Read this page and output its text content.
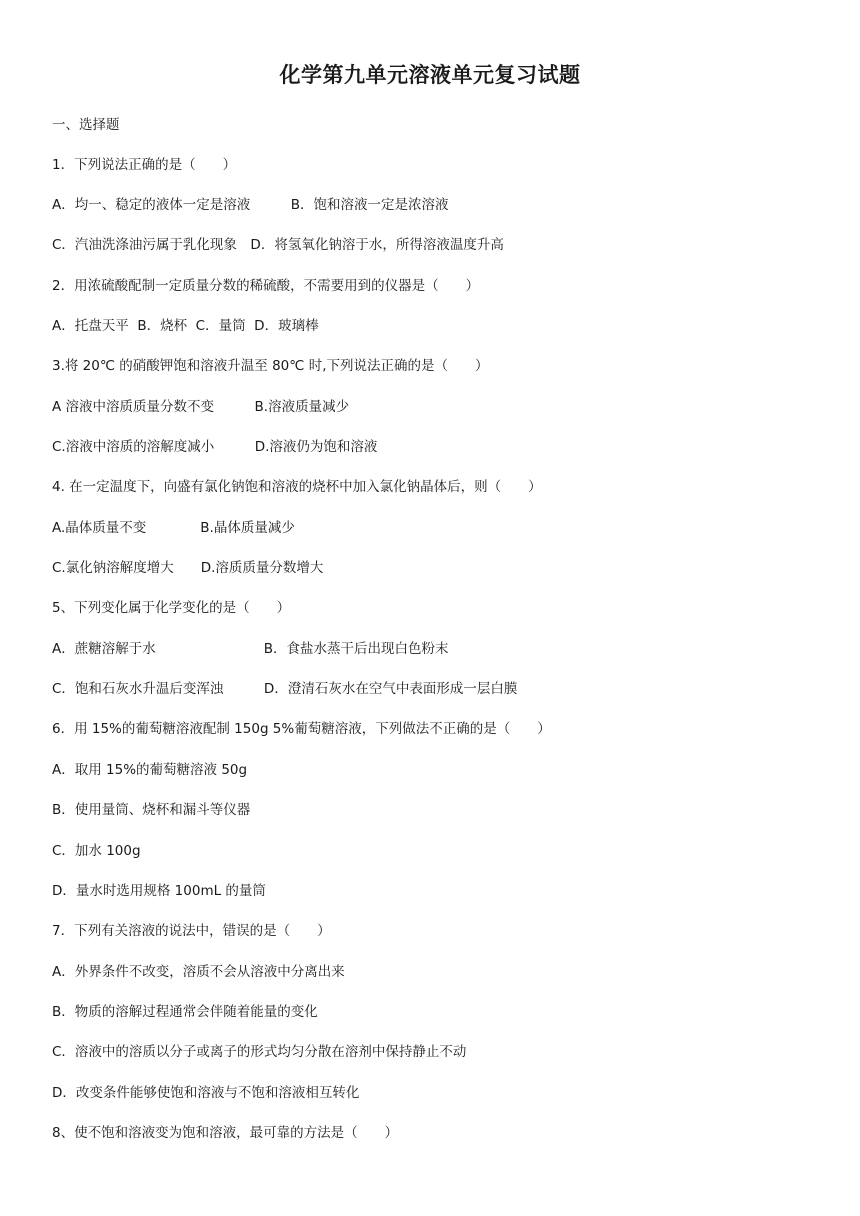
化学第九单元溶液单元复习试题
一、选择题
1．下列说法正确的是（　　）
A．均一、稳定的液体一定是溶液　　　B．饱和溶液一定是浓溶液
C．汽油洗涤油污属于乳化现象　D．将氢氧化钠溶于水，所得溶液温度升高
2．用浓硫酸配制一定质量分数的稀硫酸，不需要用到的仪器是（　　）
A．托盘天平  B．烧杯  C．量筒  D．玻璃棒
3.将 20℃ 的硝酸钾饱和溶液升温至 80℃ 时,下列说法正确的是（　　）
A 溶液中溶质质量分数不变　　　B.溶液质量减少
C.溶液中溶质的溶解度减小　　　D.溶液仍为饱和溶液
4. 在一定温度下，向盛有氯化钠饱和溶液的烧杯中加入氯化钠晶体后，则（　　）
A.晶体质量不变　　　　B.晶体质量减少
C.氯化钠溶解度增大　　D.溶质质量分数增大
5、下列变化属于化学变化的是（　　）
A．蔗糖溶解于水　　　　　　　　B．食盐水蒸干后出现白色粉末
C．饱和石灰水升温后变浑浊　　　D．澄清石灰水在空气中表面形成一层白膜
6．用 15%的葡萄糖溶液配制 150g 5%葡萄糖溶液，下列做法不正确的是（　　）
A．取用 15%的葡萄糖溶液 50g
B．使用量筒、烧杯和漏斗等仪器
C．加水 100g
D．量水时选用规格 100mL 的量筒
7．下列有关溶液的说法中，错误的是（　　）
A．外界条件不改变，溶质不会从溶液中分离出来
B．物质的溶解过程通常会伴随着能量的变化
C．溶液中的溶质以分子或离子的形式均匀分散在溶剂中保持静止不动
D．改变条件能够使饱和溶液与不饱和溶液相互转化
8、使不饱和溶液变为饱和溶液，最可靠的方法是（　　）
